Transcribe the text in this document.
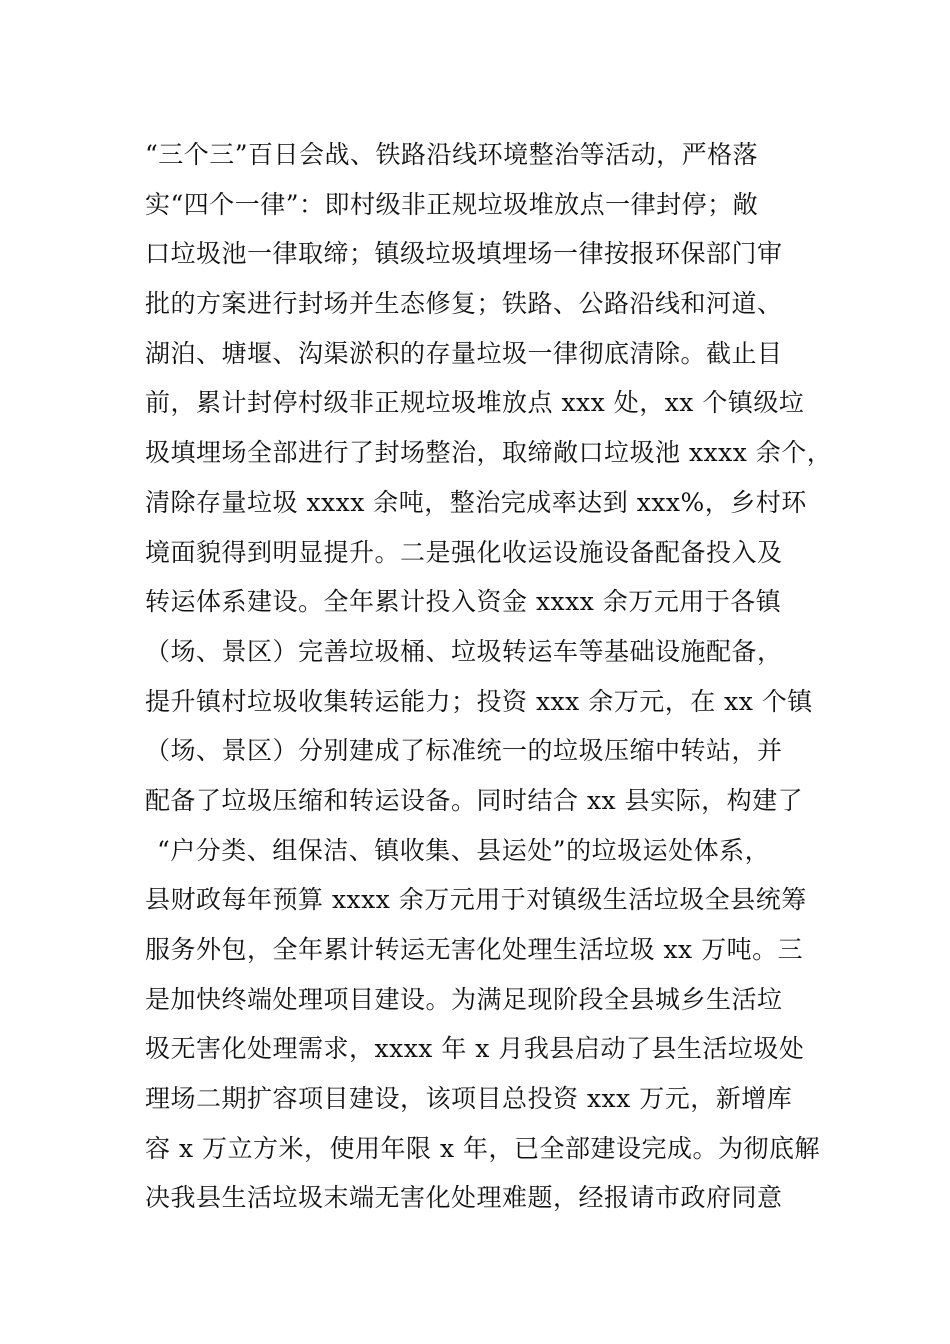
“三个三”百日会战、铁路沿线环境整治等活动，严格落
实“四个一律”：即村级非正规垃圾堆放点一律封停；敞
口垃圾池一律取缔；镇级垃圾填埋场一律按报环保部门审
批的方案进行封场并生态修复；铁路、公路沿线和河道、
湖泊、塘堰、沟渠淤积的存量垃圾一律彻底清除。截止目
前，累计封停村级非正规垃圾堆放点 xxx 处，xx 个镇级垃
圾填埋场全部进行了封场整治，取缔敞口垃圾池 xxxx 余个，
清除存量垃圾 xxxx 余吨，整治完成率达到 xxx%，乡村环
境面貌得到明显提升。二是强化收运设施设备配备投入及
转运体系建设。全年累计投入资金 xxxx 余万元用于各镇
（场、景区）完善垃圾桶、垃圾转运车等基础设施配备，
提升镇村垃圾收集转运能力；投资 xxx 余万元，在 xx 个镇
（场、景区）分别建成了标准统一的垃圾压缩中转站，并
配备了垃圾压缩和转运设备。同时结合 xx 县实际，构建了
“户分类、组保洁、镇收集、县运处”的垃圾运处体系，
县财政每年预算 xxxx 余万元用于对镇级生活垃圾全县统筹
服务外包，全年累计转运无害化处理生活垃圾 xx 万吨。三
是加快终端处理项目建设。为满足现阶段全县城乡生活垃
圾无害化处理需求，xxxx 年 x 月我县启动了县生活垃圾处
理场二期扩容项目建设，该项目总投资 xxx 万元，新增库
容 x 万立方米，使用年限 x 年，已全部建设完成。为彻底解
决我县生活垃圾末端无害化处理难题，经报请市政府同意
